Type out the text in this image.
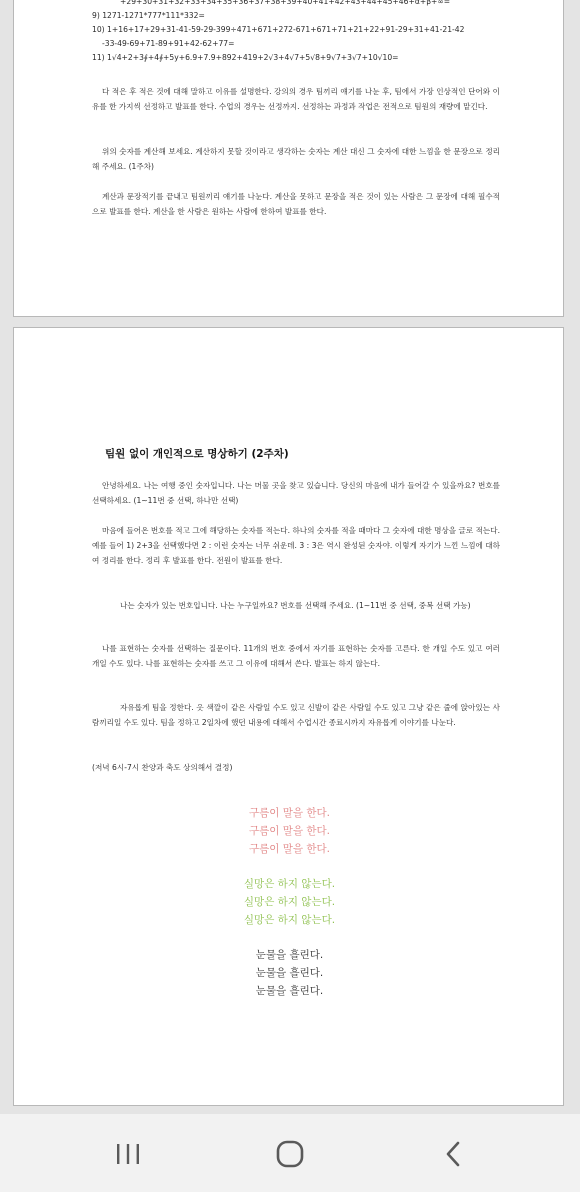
+29+30+31+32+33+34+35+36+37+38+39+40+41+42+43+44+45+46+α+β+∞=
9) 1271-1271*777*111*332=
10) 1+16+17+29+31-41-59-29-399÷471+671+272-671+671+71+21+22+91-29+31+41-21-42
-33-49-69+71-89+91+42-62+77=
11) 1√4+2+3∮+4∮+5y+6.9+7.9+892+419+2√3+4√7+5√8+9√7+3√7+10√10=

다 적은 후 적은 것에 대해 말하고 이유를 설명한다. 강의의 경우 팀끼리 얘기를 나눈 후, 팀에서 가장 인상적인 단어와 이유를 한 가지씩 선정하고 발표를 한다. 수업의 경우는 선정까지. 선정하는 과정과 작업은 전적으로 팀원의 재량에 맡긴다.

위의 숫자를 계산해 보세요. 계산하지 못할 것이라고 생각하는 숫자는 계산 대신 그 숫자에 대한 느낌을 한 문장으로 정리해 주세요. (1주차)

계산과 문장적기를 끝내고 팀원끼리 얘기를 나눈다. 계산을 못하고 문장을 적은 것이 있는 사람은 그 문장에 대해 필수적으로 발표를 한다. 계산을 한 사람은 원하는 사람에 한하여 발표를 한다.

팀원 없이 개인적으로 명상하기 (2주차)

안녕하세요. 나는 여행 중인 숫자입니다. 나는 머물 곳을 찾고 있습니다. 당신의 마음에 내가 들어갈 수 있을까요? 번호를 선택하세요. (1~11번 중 선택, 하나만 선택)

마음에 들어온 번호를 적고 그에 해당하는 숫자를 적는다. 하나의 숫자를 적을 때마다 그 숫자에 대한 명상을 글로 적는다. 예를 들어 1) 2+3을 선택했다면 2 : 이런 숫자는 너무 쉬운데. 3 : 3은 역시 완성된 숫자야. 이렇게 자기가 느낀 느낌에 대하여 정리를 한다. 정리 후 발표를 한다. 전원이 발표를 한다.

나는 숫자가 있는 번호입니다. 나는 누구일까요? 번호를 선택해 주세요. (1~11번 중 선택, 중복 선택 가능)

나를 표현하는 숫자를 선택하는 질문이다. 11개의 번호 중에서 자기를 표현하는 숫자를 고른다. 한 개일 수도 있고 여러 개일 수도 있다. 나를 표현하는 숫자를 쓰고 그 이유에 대해서 쓴다. 발표는 하지 않는다.

자유롭게 팀을 정한다. 옷 색깔이 같은 사람일 수도 있고 신발이 같은 사람일 수도 있고 그냥 같은 줄에 앉아있는 사람끼리일 수도 있다. 팀을 정하고 2일차에 했던 내용에 대해서 수업시간 종료시까지 자유롭게 이야기를 나눈다.

(저녁 6시-7시 찬양과 축도 상의해서 결정)

구름이 말을 한다.
구름이 말을 한다.
구름이 말을 한다.
실망은 하지 않는다.
실망은 하지 않는다.
실망은 하지 않는다.
눈물을 흘린다.
눈물을 흘린다.
눈물을 흘린다.
